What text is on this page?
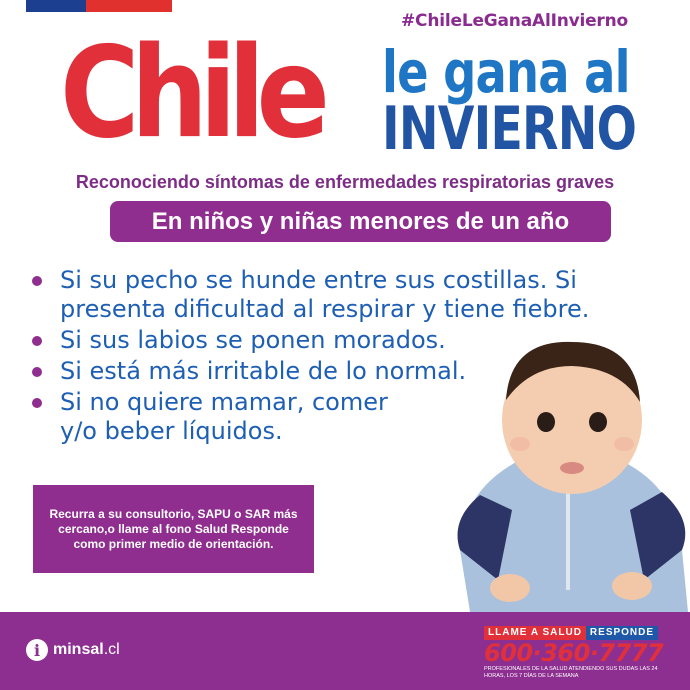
#ChileLeGanaAlInvierno
Chile le gana al
INVIERNO
Reconociendo síntomas de enfermedades respiratorias graves
En niños y niñas menores de un año
Si su pecho se hunde entre sus costillas. Si presenta dificultad al respirar y tiene fiebre.
Si sus labios se ponen morados.
Si está más irritable de lo normal.
Si no quiere mamar, comer y/o beber líquidos.
Recurra a su consultorio, SAPU o SAR más cercano,o llame al fono Salud Responde como primer medio de orientación.
i minsal.cl
LLAME A SALUD RESPONDE
600·360·7777
PROFESIONALES DE LA SALUD ATENDIENDO SUS DUDAS LAS 24 HORAS, LOS 7 DÍAS DE LA SEMANA
